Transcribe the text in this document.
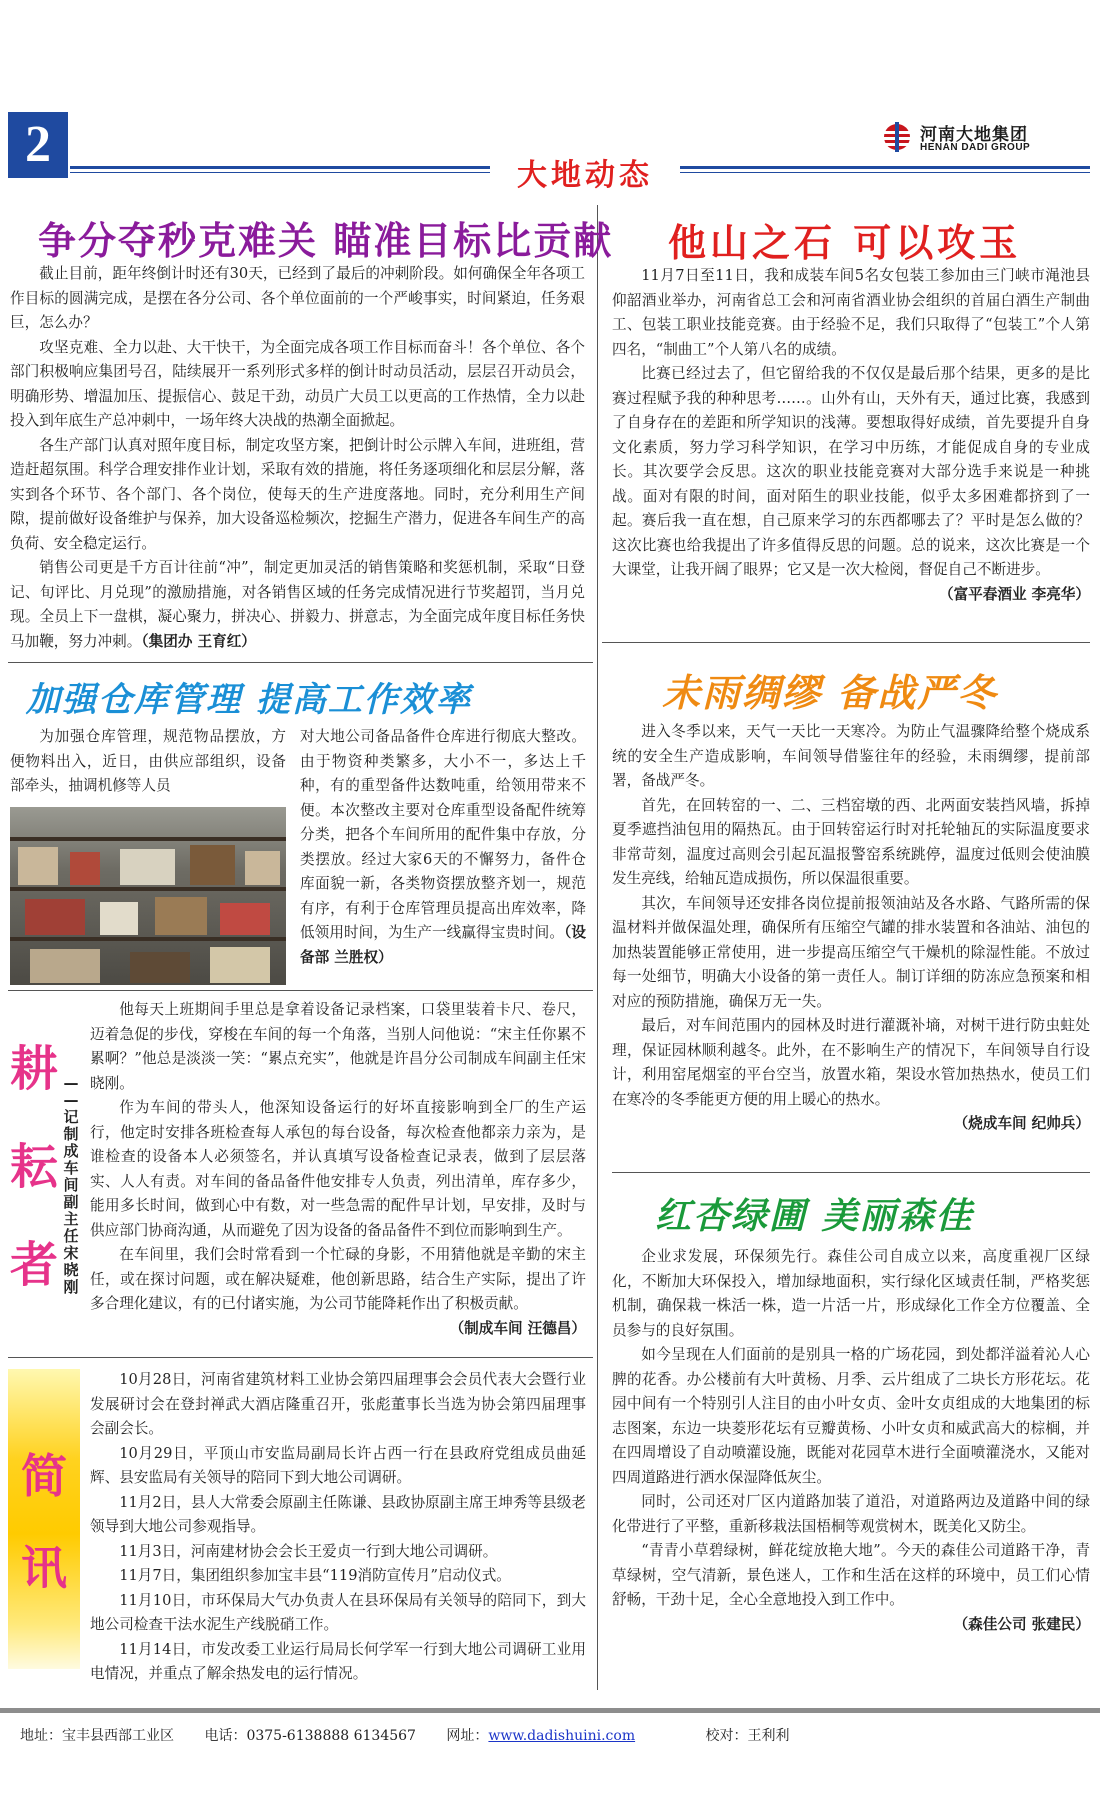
2
大地动态
河南大地集团
HENAN DADI GROUP
争分夺秒克难关 瞄准目标比贡献

截止目前，距年终倒计时还有30天，已经到了最后的冲刺阶段。如何确保全年各项工作目标的圆满完成，是摆在各分公司、各个单位面前的一个严峻事实，时间紧迫，任务艰巨，怎么办？

攻坚克难、全力以赴、大干快干，为全面完成各项工作目标而奋斗！各个单位、各个部门积极响应集团号召，陆续展开一系列形式多样的倒计时动员活动，层层召开动员会，明确形势、增温加压、提振信心、鼓足干劲，动员广大员工以更高的工作热情，全力以赴投入到年底生产总冲刺中，一场年终大决战的热潮全面掀起。

各生产部门认真对照年度目标，制定攻坚方案，把倒计时公示牌入车间，进班组，营造赶超氛围。科学合理安排作业计划，采取有效的措施，将任务逐项细化和层层分解，落实到各个环节、各个部门、各个岗位，使每天的生产进度落地。同时，充分利用生产间隙，提前做好设备维护与保养，加大设备巡检频次，挖掘生产潜力，促进各车间生产的高负荷、安全稳定运行。

销售公司更是千方百计往前“冲”，制定更加灵活的销售策略和奖惩机制，采取“日登记、旬评比、月兑现”的激励措施，对各销售区域的任务完成情况进行节奖超罚，当月兑现。全员上下一盘棋，凝心聚力，拼决心、拼毅力、拼意志，为全面完成年度目标任务快马加鞭，努力冲刺。（集团办 王育红）

他山之石 可以攻玉

11月7日至11日，我和成装车间5名女包装工参加由三门峡市渑池县仰韶酒业举办，河南省总工会和河南省酒业协会组织的首届白酒生产制曲工、包装工职业技能竞赛。由于经验不足，我们只取得了“包装工”个人第四名，“制曲工”个人第八名的成绩。

比赛已经过去了，但它留给我的不仅仅是最后那个结果，更多的是比赛过程赋予我的种种思考……。山外有山，天外有天，通过比赛，我感到了自身存在的差距和所学知识的浅薄。要想取得好成绩，首先要提升自身文化素质，努力学习科学知识，在学习中历练，才能促成自身的专业成长。其次要学会反思。这次的职业技能竞赛对大部分选手来说是一种挑战。面对有限的时间，面对陌生的职业技能，似乎太多困难都挤到了一起。赛后我一直在想，自己原来学习的东西都哪去了？平时是怎么做的？这次比赛也给我提出了许多值得反思的问题。总的说来，这次比赛是一个大课堂，让我开阔了眼界；它又是一次大检阅，督促自己不断进步。

（富平春酒业 李亮华）

加强仓库管理 提高工作效率

为加强仓库管理，规范物品摆放，方便物料出入，近日，由供应部组织，设备部牵头，抽调机修等人员

对大地公司备品备件仓库进行彻底大整改。由于物资种类繁多，大小不一，多达上千种，有的重型备件达数吨重，给领用带来不便。本次整改主要对仓库重型设备配件统筹分类，把各个车间所用的配件集中存放，分类摆放。经过大家6天的不懈努力，备件仓库面貌一新，各类物资摆放整齐划一，规范有序，有利于仓库管理员提高出库效率，降低领用时间，为生产一线赢得宝贵时间。（设备部 兰胜权）

未雨绸缪 备战严冬

进入冬季以来，天气一天比一天寒冷。为防止气温骤降给整个烧成系统的安全生产造成影响，车间领导借鉴往年的经验，未雨绸缪，提前部署，备战严冬。

首先，在回转窑的一、二、三档窑墩的西、北两面安装挡风墙，拆掉夏季遮挡油包用的隔热瓦。由于回转窑运行时对托轮轴瓦的实际温度要求非常苛刻，温度过高则会引起瓦温报警窑系统跳停，温度过低则会使油膜发生亮线，给轴瓦造成损伤，所以保温很重要。

其次，车间领导还安排各岗位提前报领油站及各水路、气路所需的保温材料并做保温处理，确保所有压缩空气罐的排水装置和各油站、油包的加热装置能够正常使用，进一步提高压缩空气干燥机的除湿性能。不放过每一处细节，明确大小设备的第一责任人。制订详细的防冻应急预案和相对应的预防措施，确保万无一失。

最后，对车间范围内的园林及时进行灌溉补墒，对树干进行防虫蛀处理，保证园林顺利越冬。此外，在不影响生产的情况下，车间领导自行设计，利用窑尾烟室的平台空当，放置水箱，架设水管加热热水，使员工们在寒冷的冬季能更方便的用上暖心的热水。

（烧成车间 纪帅兵）

耕
耘
者
—
—
记
制
成
车
间
副
主
任
宋
晓
刚

他每天上班期间手里总是拿着设备记录档案，口袋里装着卡尺、卷尺，迈着急促的步伐，穿梭在车间的每一个角落，当别人问他说：“宋主任你累不累啊？”他总是淡淡一笑：“累点充实”，他就是许昌分公司制成车间副主任宋晓刚。

作为车间的带头人，他深知设备运行的好坏直接影响到全厂的生产运行，他定时安排各班检查每人承包的每台设备，每次检查他都亲力亲为，是谁检查的设备本人必须签名，并认真填写设备检查记录表，做到了层层落实、人人有责。对车间的备品备件他安排专人负责，列出清单，库存多少，能用多长时间，做到心中有数，对一些急需的配件早计划，早安排，及时与供应部门协商沟通，从而避免了因为设备的备品备件不到位而影响到生产。

在车间里，我们会时常看到一个忙碌的身影，不用猜他就是辛勤的宋主任，或在探讨问题，或在解决疑难，他创新思路，结合生产实际，提出了许多合理化建议，有的已付诸实施，为公司节能降耗作出了积极贡献。

（制成车间 汪德昌）

简
讯

10月28日，河南省建筑材料工业协会第四届理事会会员代表大会暨行业发展研讨会在登封禅武大酒店隆重召开，张彪董事长当选为协会第四届理事会副会长。

10月29日，平顶山市安监局副局长许占西一行在县政府党组成员曲延辉、县安监局有关领导的陪同下到大地公司调研。

11月2日，县人大常委会原副主任陈谦、县政协原副主席王坤秀等县级老领导到大地公司参观指导。

11月3日，河南建材协会会长王爱贞一行到大地公司调研。

11月7日，集团组织参加宝丰县“119消防宣传月”启动仪式。

11月10日，市环保局大气办负责人在县环保局有关领导的陪同下，到大地公司检查干法水泥生产线脱硝工作。

11月14日，市发改委工业运行局局长何学军一行到大地公司调研工业用电情况，并重点了解余热发电的运行情况。

红杏绿圃 美丽森佳

企业求发展，环保须先行。森佳公司自成立以来，高度重视厂区绿化，不断加大环保投入，增加绿地面积，实行绿化区域责任制，严格奖惩机制，确保栽一株活一株，造一片活一片，形成绿化工作全方位覆盖、全员参与的良好氛围。

如今呈现在人们面前的是别具一格的广场花园，到处都洋溢着沁人心脾的花香。办公楼前有大叶黄杨、月季、云片组成了二块长方形花坛。花园中间有一个特别引人注目的由小叶女贞、金叶女贞组成的大地集团的标志图案，东边一块菱形花坛有豆瓣黄杨、小叶女贞和威武高大的棕榈，并在四周增设了自动喷灌设施，既能对花园草木进行全面喷灌浇水，又能对四周道路进行洒水保湿降低灰尘。

同时，公司还对厂区内道路加装了道沿，对道路两边及道路中间的绿化带进行了平整，重新移栽法国梧桐等观赏树木，既美化又防尘。

“青青小草碧绿树，鲜花绽放艳大地”。今天的森佳公司道路干净，青草绿树，空气清新，景色迷人，工作和生活在这样的环境中，员工们心情舒畅，干劲十足，全心全意地投入到工作中。

（森佳公司 张建民）

地址：宝丰县西部工业区 电话：0375-6138888 6134567 网址：www.dadishuini.com	校对：王利利
